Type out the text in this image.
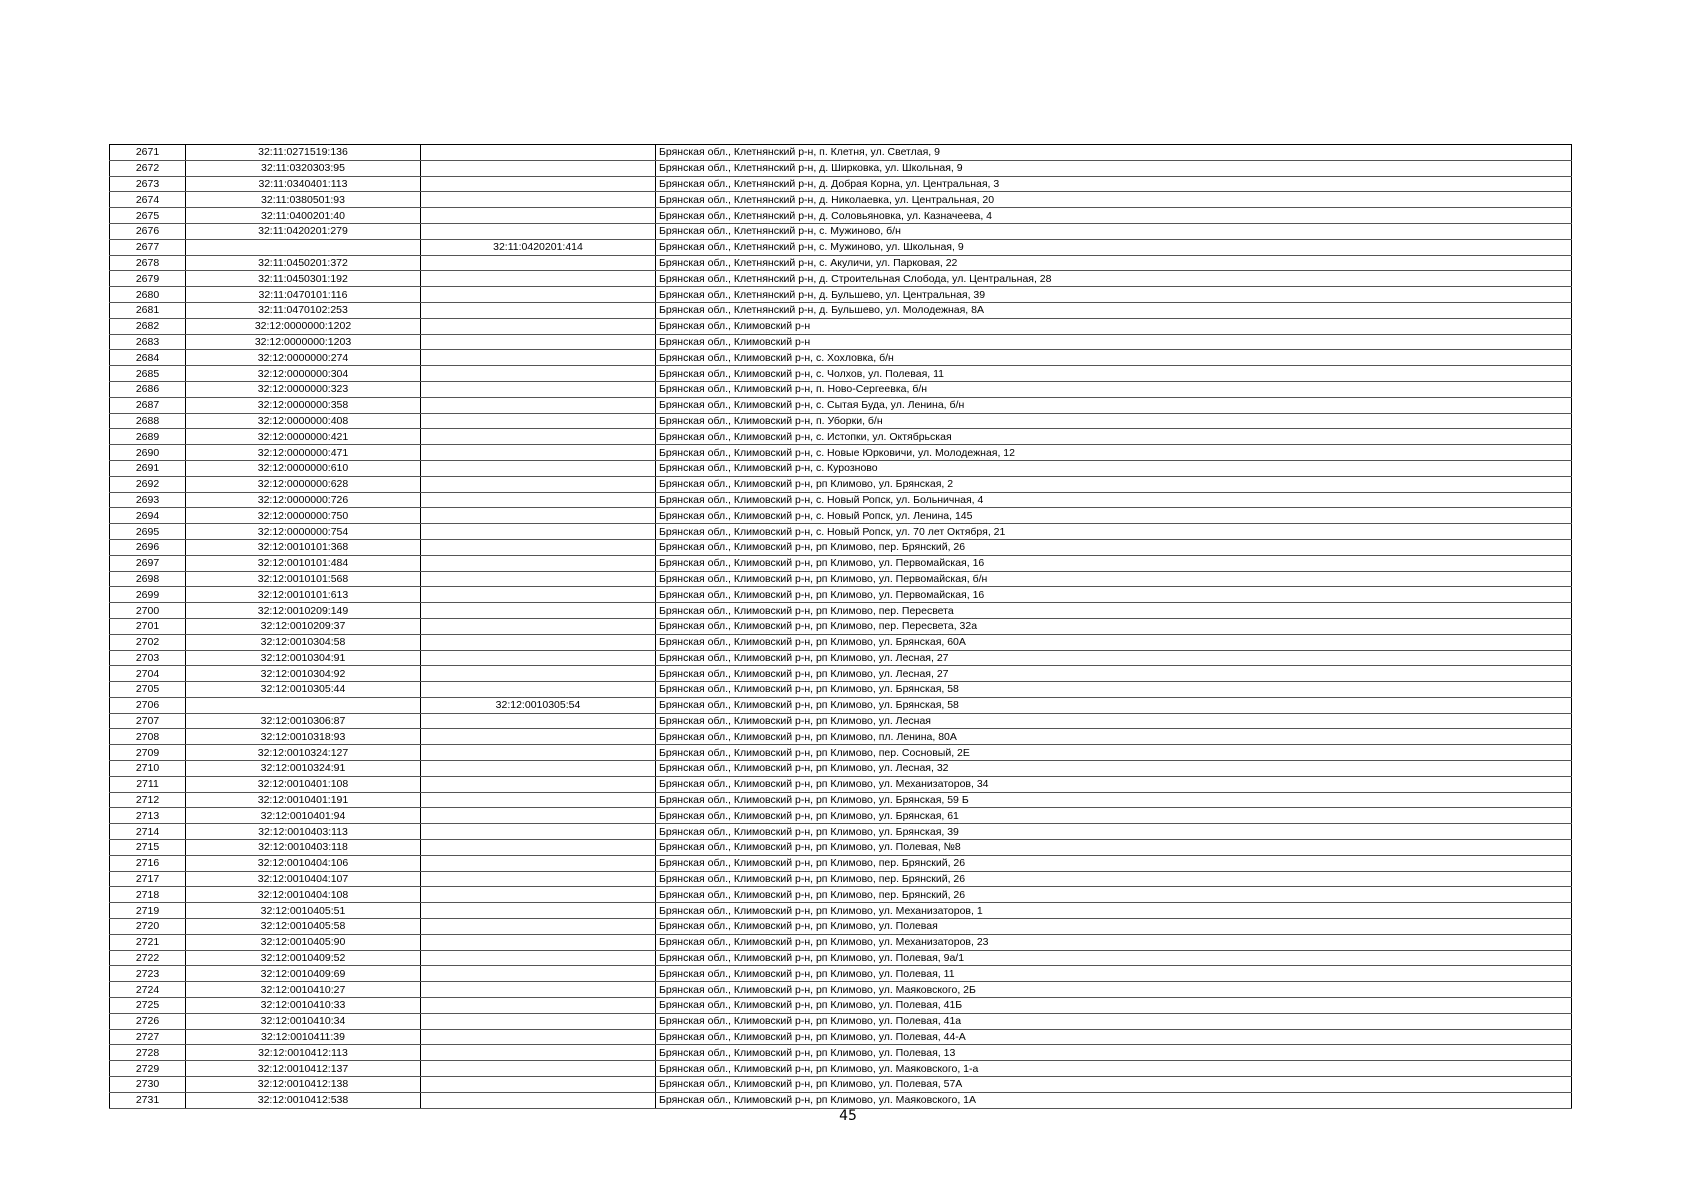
2671	32:11:0271519:136		Брянская обл., Клетнянский р-н, п. Клетня, ул. Светлая, 9
2672	32:11:0320303:95		Брянская обл., Клетнянский р-н, д. Ширковка, ул. Школьная, 9
2673	32:11:0340401:113		Брянская обл., Клетнянский р-н, д. Добрая Корна, ул. Центральная, 3
2674	32:11:0380501:93		Брянская обл., Клетнянский р-н, д. Николаевка, ул. Центральная, 20
2675	32:11:0400201:40		Брянская обл., Клетнянский р-н, д. Соловьяновка, ул. Казначеева, 4
2676	32:11:0420201:279		Брянская обл., Клетнянский р-н, с. Мужиново, б/н
2677		32:11:0420201:414	Брянская обл., Клетнянский р-н, с. Мужиново, ул. Школьная, 9
2678	32:11:0450201:372		Брянская обл., Клетнянский р-н, с. Акуличи, ул. Парковая, 22
2679	32:11:0450301:192		Брянская обл., Клетнянский р-н, д. Строительная Слобода, ул. Центральная, 28
2680	32:11:0470101:116		Брянская обл., Клетнянский р-н, д. Бульшево, ул. Центральная, 39
2681	32:11:0470102:253		Брянская обл., Клетнянский р-н, д. Бульшево, ул. Молодежная, 8А
2682	32:12:0000000:1202		Брянская обл., Климовский р-н
2683	32:12:0000000:1203		Брянская обл., Климовский р-н
2684	32:12:0000000:274		Брянская обл., Климовский р-н, с. Хохловка, б/н
2685	32:12:0000000:304		Брянская обл., Климовский р-н, с. Чолхов, ул. Полевая, 11
2686	32:12:0000000:323		Брянская обл., Климовский р-н, п. Ново-Сергеевка, б/н
2687	32:12:0000000:358		Брянская обл., Климовский р-н, с. Сытая Буда, ул. Ленина, б/н
2688	32:12:0000000:408		Брянская обл., Климовский р-н, п. Уборки, б/н
2689	32:12:0000000:421		Брянская обл., Климовский р-н, с. Истопки, ул. Октябрьская
2690	32:12:0000000:471		Брянская обл., Климовский р-н, с. Новые Юрковичи, ул. Молодежная, 12
2691	32:12:0000000:610		Брянская обл., Климовский р-н, с. Курозново
2692	32:12:0000000:628		Брянская обл., Климовский р-н, рп Климово, ул. Брянская, 2
2693	32:12:0000000:726		Брянская обл., Климовский р-н, с. Новый Ропск, ул. Больничная, 4
2694	32:12:0000000:750		Брянская обл., Климовский р-н, с. Новый Ропск, ул. Ленина, 145
2695	32:12:0000000:754		Брянская обл., Климовский р-н, с. Новый Ропск, ул. 70 лет Октября, 21
2696	32:12:0010101:368		Брянская обл., Климовский р-н, рп Климово, пер. Брянский, 26
2697	32:12:0010101:484		Брянская обл., Климовский р-н, рп Климово, ул. Первомайская, 16
2698	32:12:0010101:568		Брянская обл., Климовский р-н, рп Климово, ул. Первомайская, б/н
2699	32:12:0010101:613		Брянская обл., Климовский р-н, рп Климово, ул. Первомайская, 16
2700	32:12:0010209:149		Брянская обл., Климовский р-н, рп Климово, пер. Пересвета
2701	32:12:0010209:37		Брянская обл., Климовский р-н, рп Климово, пер. Пересвета, 32а
2702	32:12:0010304:58		Брянская обл., Климовский р-н, рп Климово, ул. Брянская, 60А
2703	32:12:0010304:91		Брянская обл., Климовский р-н, рп Климово, ул. Лесная, 27
2704	32:12:0010304:92		Брянская обл., Климовский р-н, рп Климово, ул. Лесная, 27
2705	32:12:0010305:44		Брянская обл., Климовский р-н, рп Климово, ул. Брянская, 58
2706		32:12:0010305:54	Брянская обл., Климовский р-н, рп Климово, ул. Брянская, 58
2707	32:12:0010306:87		Брянская обл., Климовский р-н, рп Климово, ул. Лесная
2708	32:12:0010318:93		Брянская обл., Климовский р-н, рп Климово, пл. Ленина, 80А
2709	32:12:0010324:127		Брянская обл., Климовский р-н, рп Климово, пер. Сосновый, 2Е
2710	32:12:0010324:91		Брянская обл., Климовский р-н, рп Климово, ул. Лесная, 32
2711	32:12:0010401:108		Брянская обл., Климовский р-н, рп Климово, ул. Механизаторов, 34
2712	32:12:0010401:191		Брянская обл., Климовский р-н, рп Климово, ул. Брянская, 59 Б
2713	32:12:0010401:94		Брянская обл., Климовский р-н, рп Климово, ул. Брянская, 61
2714	32:12:0010403:113		Брянская обл., Климовский р-н, рп Климово, ул. Брянская, 39
2715	32:12:0010403:118		Брянская обл., Климовский р-н, рп Климово, ул. Полевая, №8
2716	32:12:0010404:106		Брянская обл., Климовский р-н, рп Климово, пер. Брянский, 26
2717	32:12:0010404:107		Брянская обл., Климовский р-н, рп Климово, пер. Брянский, 26
2718	32:12:0010404:108		Брянская обл., Климовский р-н, рп Климово, пер. Брянский, 26
2719	32:12:0010405:51		Брянская обл., Климовский р-н, рп Климово, ул. Механизаторов, 1
2720	32:12:0010405:58		Брянская обл., Климовский р-н, рп Климово, ул. Полевая
2721	32:12:0010405:90		Брянская обл., Климовский р-н, рп Климово, ул. Механизаторов, 23
2722	32:12:0010409:52		Брянская обл., Климовский р-н, рп Климово, ул. Полевая, 9а/1
2723	32:12:0010409:69		Брянская обл., Климовский р-н, рп Климово, ул. Полевая, 11
2724	32:12:0010410:27		Брянская обл., Климовский р-н, рп Климово, ул. Маяковского, 2Б
2725	32:12:0010410:33		Брянская обл., Климовский р-н, рп Климово, ул. Полевая, 41Б
2726	32:12:0010410:34		Брянская обл., Климовский р-н, рп Климово, ул. Полевая, 41а
2727	32:12:0010411:39		Брянская обл., Климовский р-н, рп Климово, ул. Полевая, 44-А
2728	32:12:0010412:113		Брянская обл., Климовский р-н, рп Климово, ул. Полевая, 13
2729	32:12:0010412:137		Брянская обл., Климовский р-н, рп Климово, ул. Маяковского, 1-а
2730	32:12:0010412:138		Брянская обл., Климовский р-н, рп Климово, ул. Полевая, 57А
2731	32:12:0010412:538		Брянская обл., Климовский р-н, рп Климово, ул. Маяковского, 1А
45
